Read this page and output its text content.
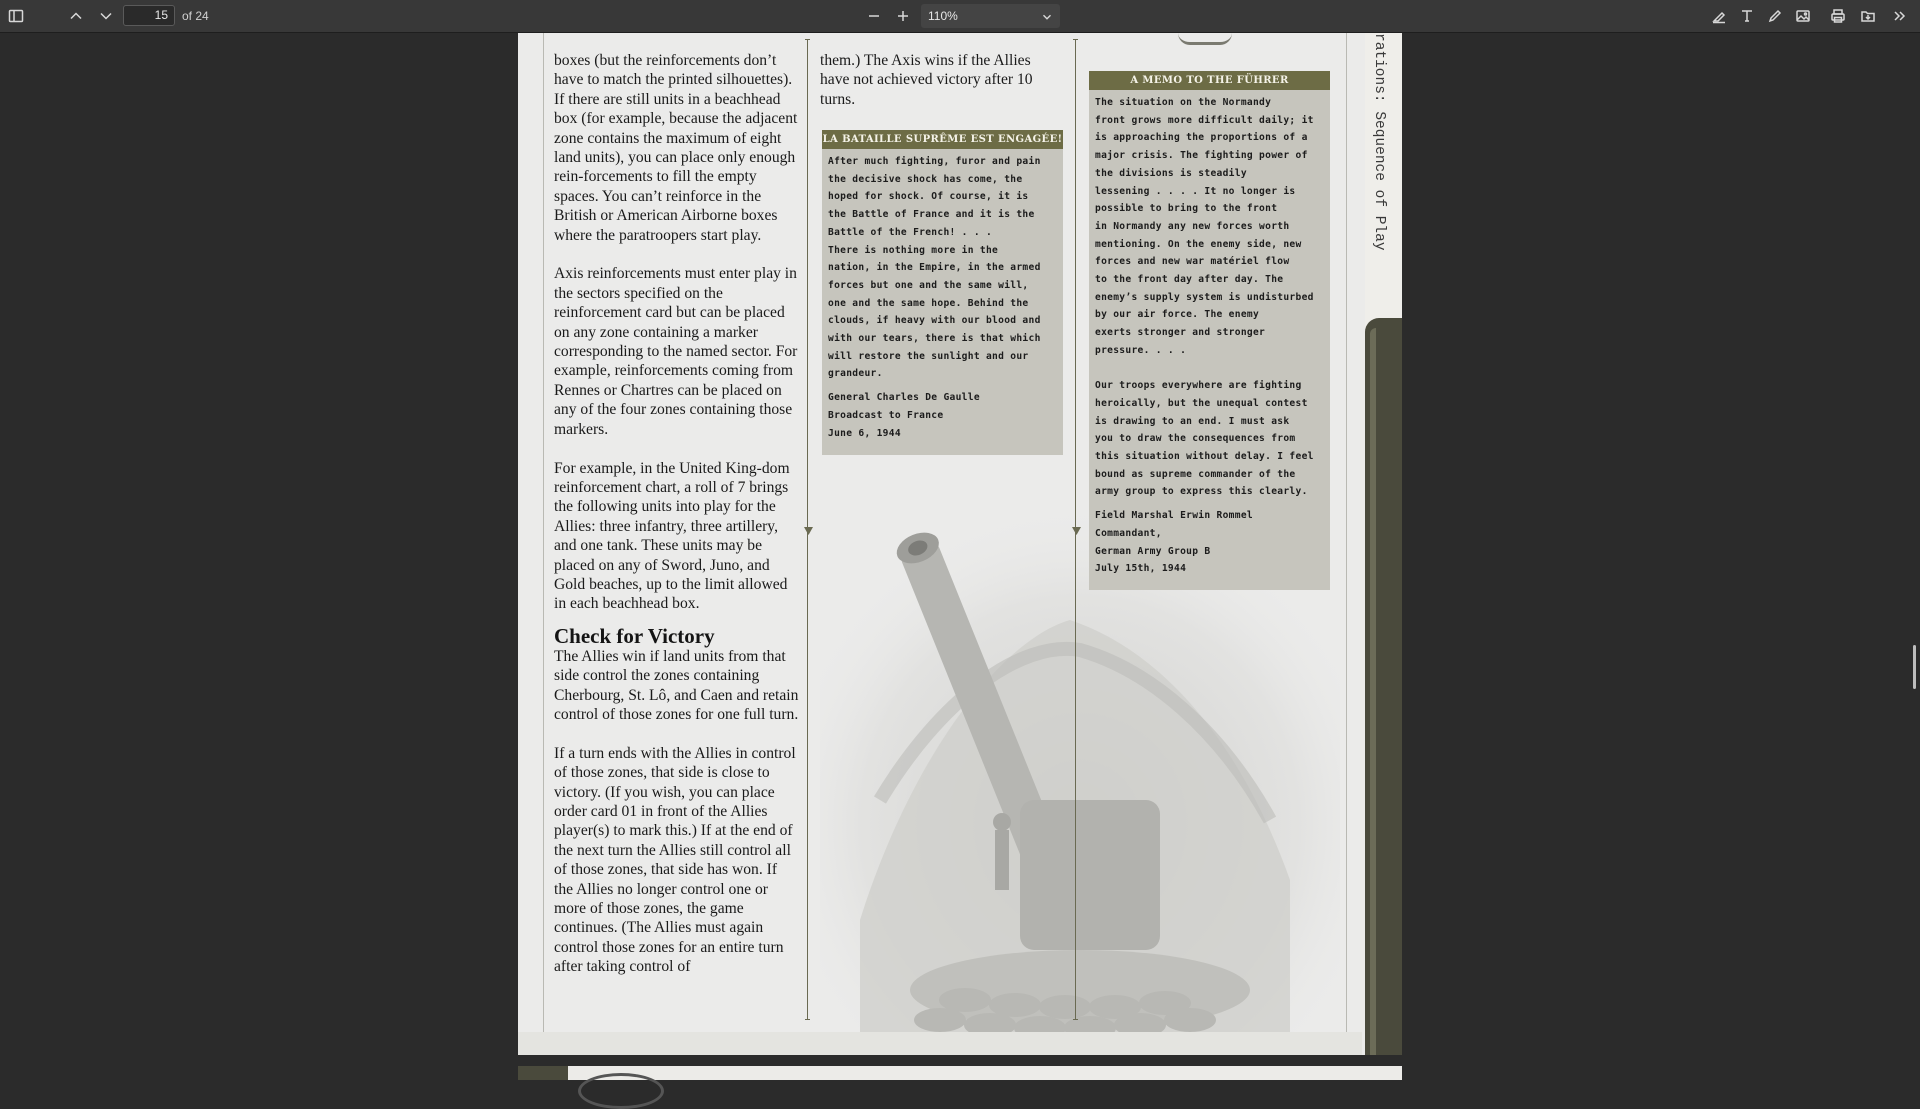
15	of 24	110%
rations: Sequence of Play

boxes (but the reinforcements don’t have to match the printed silhouettes). If there are still units in a beachhead box (for example, because the adjacent zone contains the maximum of eight land units), you can place only enough rein-forcements to fill the empty spaces. You can’t reinforce in the British or American Airborne boxes where the paratroopers start play.

Axis reinforcements must enter play in the sectors specified on the reinforcement card but can be placed on any zone containing a marker corresponding to the named sector. For example, reinforcements coming from Rennes or Chartres can be placed on any of the four zones containing those markers.

For example, in the United King-dom reinforcement chart, a roll of 7 brings the following units into play for the Allies: three infantry, three artillery, and one tank. These units may be placed on any of Sword, Juno, and Gold beaches, up to the limit allowed in each beachhead box.

Check for Victory

The Allies win if land units from that side control the zones containing Cherbourg, St. Lô, and Caen and retain control of those zones for one full turn.

If a turn ends with the Allies in control of those zones, that side is close to victory. (If you wish, you can place order card 01 in front of the Allies player(s) to mark this.) If at the end of the next turn the Allies still control all of those zones, that side has won. If the Allies no longer control one or more of those zones, the game continues. (The Allies must again control those zones for an entire turn after taking control of

them.) The Axis wins if the Allies have not achieved victory after 10 turns.
LA BATAILLE SUPRÊME EST ENGAGÉE!
After much fighting, furor and pain
the decisive shock has come, the
hoped for shock. Of course, it is
the Battle of France and it is the
Battle of the French! . . .
There is nothing more in the
nation, in the Empire, in the armed
forces but one and the same will,
one and the same hope. Behind the
clouds, if heavy with our blood and
with our tears, there is that which
will restore the sunlight and our
grandeur.
General Charles De Gaulle
Broadcast to France
June 6, 1944
A MEMO TO THE FÜHRER
The situation on the Normandy
front grows more difficult daily; it
is approaching the proportions of a
major crisis. The fighting power of
the divisions is steadily
lessening . . . . It no longer is
possible to bring to the front
in Normandy any new forces worth
mentioning. On the enemy side, new
forces and new war matériel flow
to the front day after day. The
enemy’s supply system is undisturbed
by our air force. The enemy
exerts stronger and stronger
pressure. . . .

Our troops everywhere are fighting
heroically, but the unequal contest
is drawing to an end. I must ask
you to draw the consequences from
this situation without delay. I feel
bound as supreme commander of the
army group to express this clearly.
Field Marshal Erwin Rommel
Commandant,
German Army Group B
July 15th, 1944
